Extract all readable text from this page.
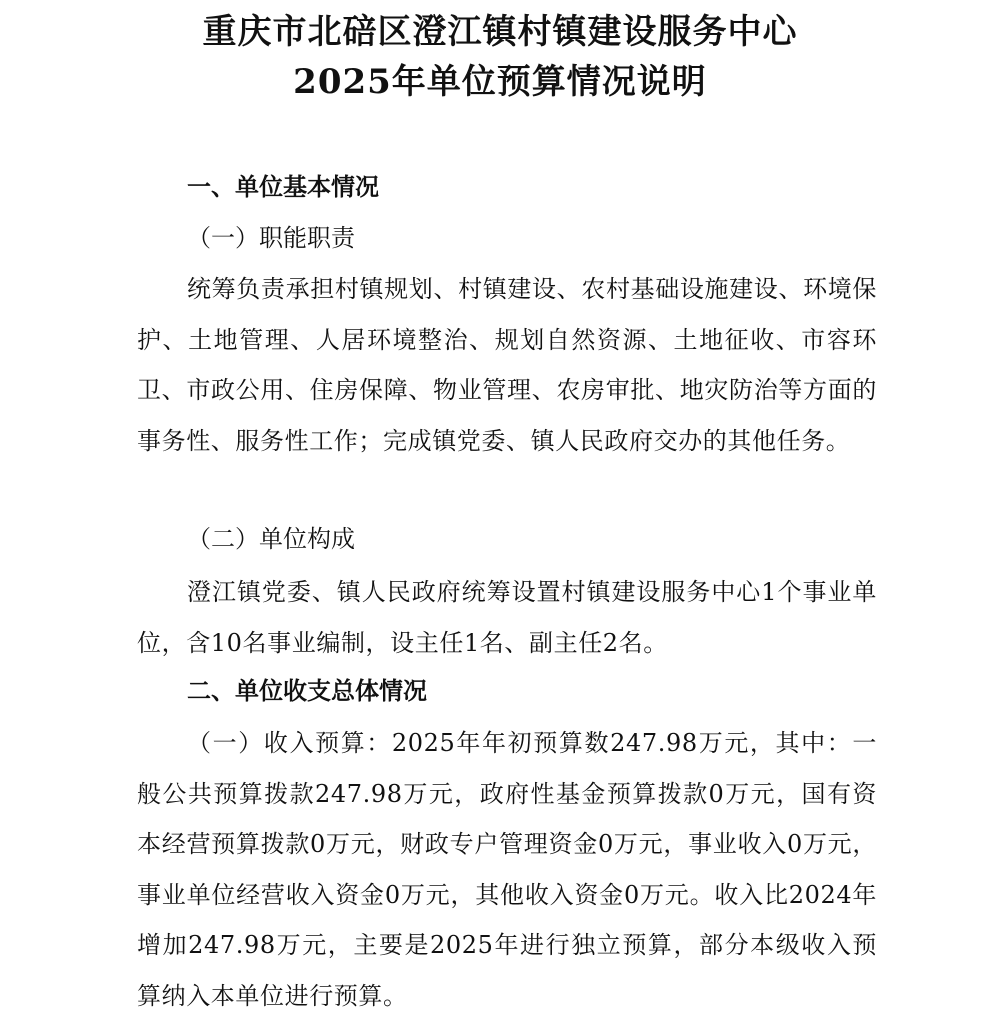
重庆市北碚区澄江镇村镇建设服务中心
2025年单位预算情况说明
一、单位基本情况
（一）职能职责
统筹负责承担村镇规划、村镇建设、农村基础设施建设、环境保护、土地管理、人居环境整治、规划自然资源、土地征收、市容环卫、市政公用、住房保障、物业管理、农房审批、地灾防治等方面的事务性、服务性工作；完成镇党委、镇人民政府交办的其他任务。
（二）单位构成
澄江镇党委、镇人民政府统筹设置村镇建设服务中心1个事业单位，含10名事业编制，设主任1名、副主任2名。
二、单位收支总体情况
（一）收入预算：2025年年初预算数247.98万元，其中：一般公共预算拨款247.98万元，政府性基金预算拨款0万元，国有资本经营预算拨款0万元，财政专户管理资金0万元，事业收入0万元，事业单位经营收入资金0万元，其他收入资金0万元。收入比2024年增加247.98万元，主要是2025年进行独立预算，部分本级收入预算纳入本单位进行预算。
